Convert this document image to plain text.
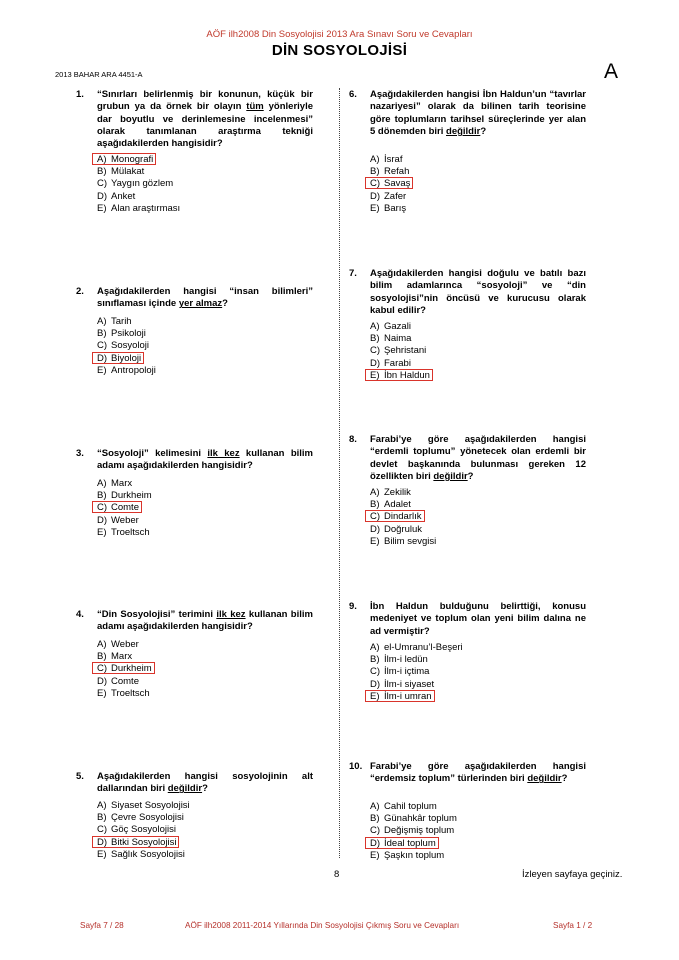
AÖF ilh2008 Din Sosyolojisi 2013 Ara Sınavı Soru ve Cevapları
DİN SOSYOLOJİSİ
2013 BAHAR ARA 4451-A	A
1. “Sınırları belirlenmiş bir konunun, küçük bir grubun ya da örnek bir olayın tüm yönleriyle dar boyutlu ve derinlemesine incelenmesi” olarak tanımlanan araştırma tekniği aşağıdakilerden hangisidir?
A) Monografi
B) Mülakat
C) Yaygın gözlem
D) Anket
E) Alan araştırması
2. Aşağıdakilerden hangisi “insan bilimleri” sınıflaması içinde yer almaz?
A) Tarih
B) Psikoloji
C) Sosyoloji
D) Biyoloji
E) Antropoloji
3. “Sosyoloji” kelimesini ilk kez kullanan bilim adamı aşağıdakilerden hangisidir?
A) Marx
B) Durkheim
C) Comte
D) Weber
E) Troeltsch
4. “Din Sosyolojisi” terimini ilk kez kullanan bilim adamı aşağıdakilerden hangisidir?
A) Weber
B) Marx
C) Durkheim
D) Comte
E) Troeltsch
5. Aşağıdakilerden hangisi sosyolojinin alt dallarından biri değildir?
A) Siyaset Sosyolojisi
B) Çevre Sosyolojisi
C) Göç Sosyolojisi
D) Bitki Sosyolojisi
E) Sağlık Sosyolojisi
6. Aşağıdakilerden hangisi İbn Haldun’un “tavırlar nazariyesi” olarak da bilinen tarih teorisine göre toplumların tarihsel süreçlerinde yer alan 5 dönemden biri değildir?
A) İsraf
B) Refah
C) Savaş
D) Zafer
E) Barış
7. Aşağıdakilerden hangisi doğulu ve batılı bazı bilim adamlarınca “sosyoloji” ve “din sosyolojisi”nin öncüsü ve kurucusu olarak kabul edilir?
A) Gazali
B) Naima
C) Şehristani
D) Farabi
E) İbn Haldun
8. Farabi’ye göre aşağıdakilerden hangisi “erdemli toplumu” yönetecek olan erdemli bir devlet başkanında bulunması gereken 12 özellikten biri değildir?
A) Zekilik
B) Adalet
C) Dindarlık
D) Doğruluk
E) Bilim sevgisi
9. İbn Haldun bulduğunu belirttiği, konusu medeniyet ve toplum olan yeni bilim dalına ne ad vermiştir?
A) el-Umranu’l-Beşeri
B) İlm-i ledün
C) İlm-i içtima
D) İlm-i siyaset
E) İlm-i umran
10. Farabi’ye göre aşağıdakilerden hangisi “erdemsiz toplum” türlerinden biri değildir?
A) Cahil toplum
B) Günahkâr toplum
C) Değişmiş toplum
D) İdeal toplum
E) Şaşkın toplum
8	İzleyen sayfaya geçiniz.
Sayfa 7 / 28	AÖF ilh2008 2011-2014 Yıllarında Din Sosyolojisi Çıkmış Soru ve Cevapları	Sayfa 1 / 2
